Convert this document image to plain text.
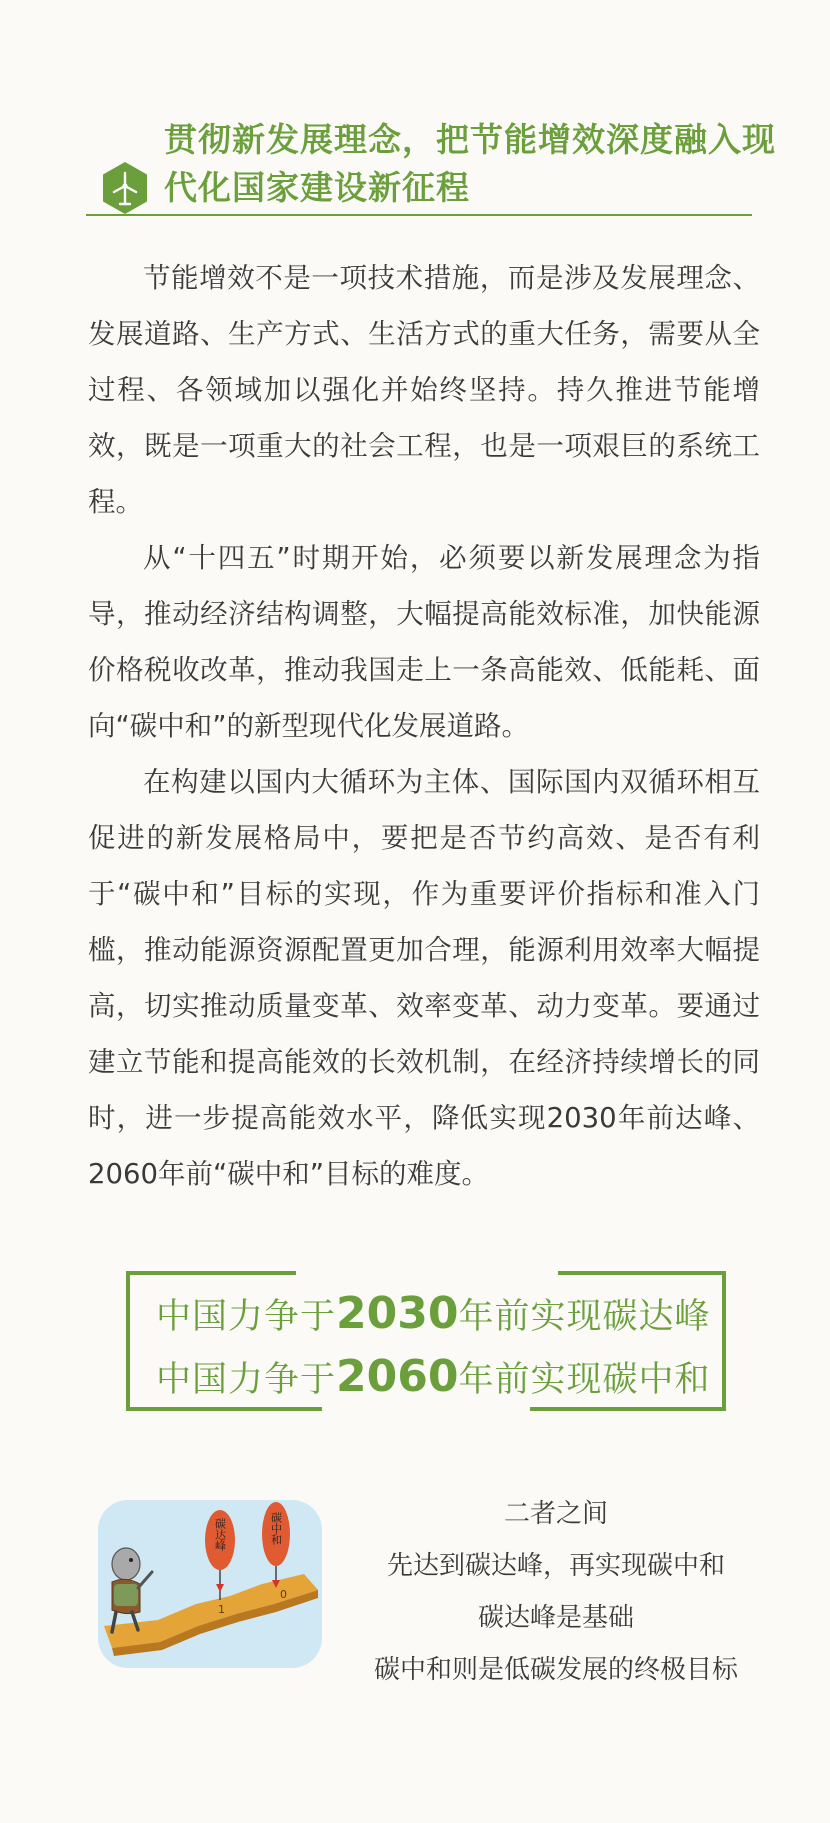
贯彻新发展理念，把节能增效深度融入现
代化国家建设新征程

节能增效不是一项技术措施，而是涉及发展理念、发展道路、生产方式、生活方式的重大任务，需要从全过程、各领域加以强化并始终坚持。持久推进节能增效，既是一项重大的社会工程，也是一项艰巨的系统工程。

从“十四五”时期开始，必须要以新发展理念为指导，推动经济结构调整，大幅提高能效标准，加快能源价格税收改革，推动我国走上一条高能效、低能耗、面向“碳中和”的新型现代化发展道路。

在构建以国内大循环为主体、国际国内双循环相互促进的新发展格局中，要把是否节约高效、是否有利于“碳中和”目标的实现，作为重要评价指标和准入门槛，推动能源资源配置更加合理，能源利用效率大幅提高，切实推动质量变革、效率变革、动力变革。要通过建立节能和提高能效的长效机制，在经济持续增长的同时，进一步提高能效水平，降低实现2030年前达峰、2060年前“碳中和”目标的难度。

中国力争于2030年前实现碳达峰
中国力争于2060年前实现碳中和
碳达峰	碳中和
1
0
二者之间
先达到碳达峰，再实现碳中和
碳达峰是基础
碳中和则是低碳发展的终极目标
